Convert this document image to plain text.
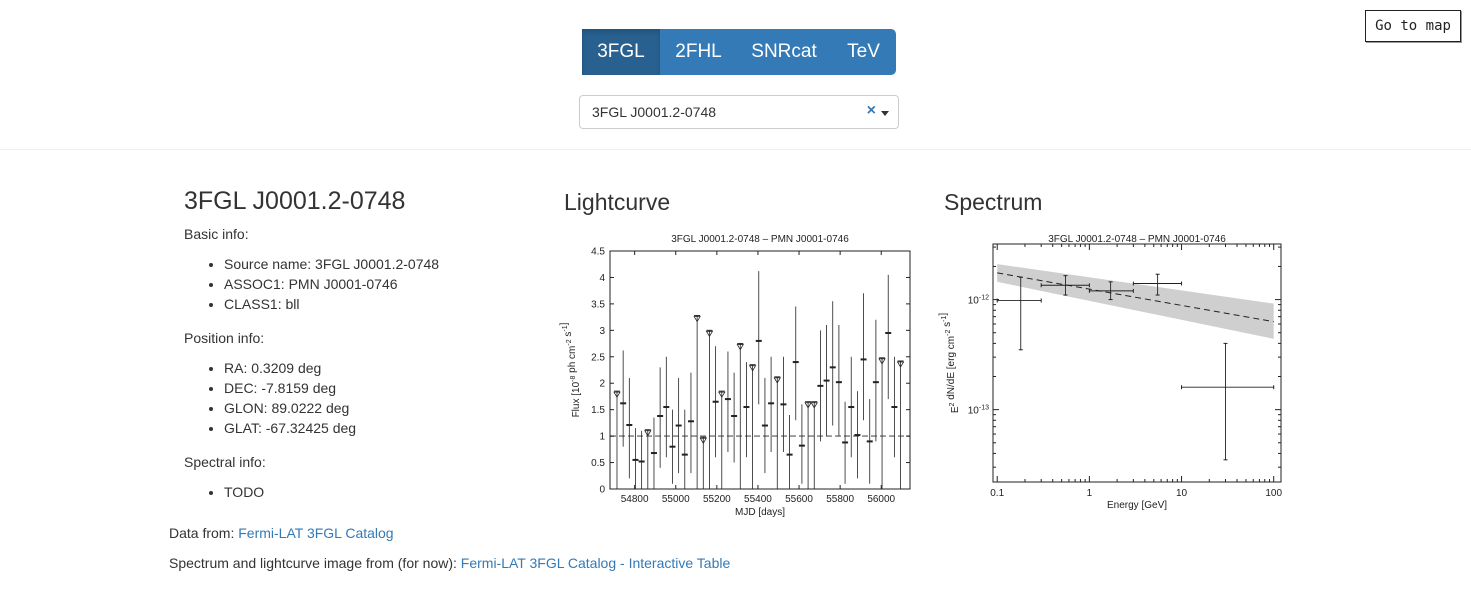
Go to map
3FGL	2FHL	SNRcat	TeV
3FGL J0001.2-0748	×
3FGL J0001.2-0748
Basic info:
• Source name: 3FGL J0001.2-0748
• ASSOC1: PMN J0001-0746
• CLASS1: bll
Position info:
• RA: 0.3209 deg
• DEC: -7.8159 deg
• GLON: 89.0222 deg
• GLAT: -67.32425 deg
Spectral info:
• TODO
Lightcurve	Spectrum
3FGL J0001.2-0748 – PMN J0001-0746
0
0.5
1
1.5
2
2.5
3
3.5
4
4.5
54800 55000 55200 55400 55600 55800 56000
MJD [days]
Flux [$10^{-8}$ ph $cm^{-2}$ $s^{-1}$]
3FGL J0001.2-0748 – PMN J0001-0746
0.1	1	10	100
$10^{-13}$
$10^{-12}$
Energy [GeV]
$E^2$ dN/dE [erg $cm^{-2}$ $s^{-1}$]
Data from: Fermi-LAT 3FGL Catalog
Spectrum and lightcurve image from (for now): Fermi-LAT 3FGL Catalog - Interactive Table
